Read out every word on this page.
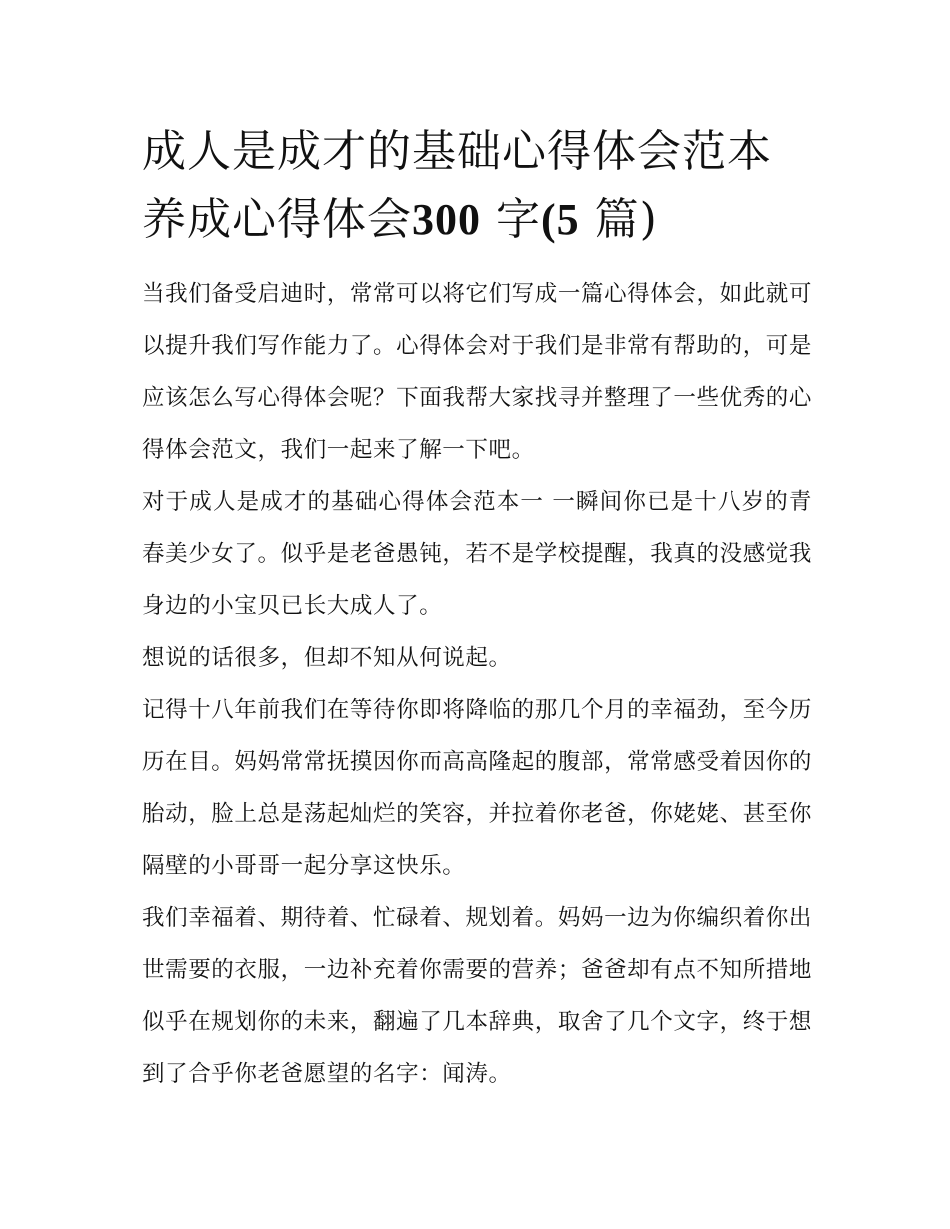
成人是成才的基础心得体会范本 养成心得体会300 字(5 篇)

当我们备受启迪时，常常可以将它们写成一篇心得体会，如此就可以提升我们写作能力了。心得体会对于我们是非常有帮助的，可是应该怎么写心得体会呢？下面我帮大家找寻并整理了一些优秀的心得体会范文，我们一起来了解一下吧。

对于成人是成才的基础心得体会范本一 一瞬间你已是十八岁的青春美少女了。似乎是老爸愚钝，若不是学校提醒，我真的没感觉我身边的小宝贝已长大成人了。

想说的话很多，但却不知从何说起。

记得十八年前我们在等待你即将降临的那几个月的幸福劲，至今历历在目。妈妈常常抚摸因你而高高隆起的腹部，常常感受着因你的胎动，脸上总是荡起灿烂的笑容，并拉着你老爸，你姥姥、甚至你隔壁的小哥哥一起分享这快乐。

我们幸福着、期待着、忙碌着、规划着。妈妈一边为你编织着你出世需要的衣服，一边补充着你需要的营养；爸爸却有点不知所措地似乎在规划你的未来，翻遍了几本辞典，取舍了几个文字，终于想到了合乎你老爸愿望的名字：闻涛。
